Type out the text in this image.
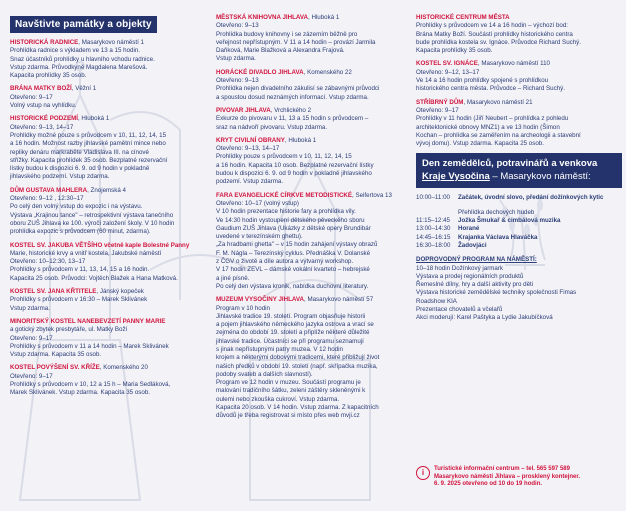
Navštivte památky a objekty
HISTORICKÁ RADNICE, Masarykovo náměstí 1
Prohlídka radnice s výkladem ve 13 a 15 hodin.
Snaz účastníků prohlídky u hlavního vchodu radnice.
Vstup zdarma. Průvodkyně Magdalena Marešová.
Kapacita prohlídky 35 osob.
BRÁNA MATKY BOŽÍ, Věžní 1
Otevřeno: 9–17
Volný vstup na vyhlídku.
HISTORICKÉ PODZEMÍ, Hluboká 1
Otevřeno: 9–13, 14–17
Prohlídky možné pouze s průvodcem v 10, 11, 12, 14, 15
a 16 hodin. Možnost razby jihlavské pamětní mince nebo
repliky denáru markraběte Vladislava III. na cínové
střížky. Kapacita prohlídek 35 osob. Bezplatné rezervační
lístky budou k dispozici 6. 9. od 9 hodin v pokladně
jihlavského podzemí. Vstup zdarma.
DŮM GUSTAVA MAHLERA, Znojemská 4
Otevřeno: 9–12 , 12:30–17
Po celý den volný vstup do expozic i na výstavu.
Výstava „Krajinou tance" – retrospektivní výstava tanečního
oboru ZUŠ Jihlava ke 100. výročí založení školy. V 10 hodin
prohlídka expozic s průvodcem (60 minut, zdarma).
KOSTEL SV. JAKUBA VĚTŠÍHO včetně kaple Bolestné Panny
Marie, historické krvy a vnitř kostela, Jakubské náměstí
Otevřeno: 10–12:30, 13–17
Prohlídky s průvodcem v 11, 13, 14, 15 a 16 hodin.
Kapacita 25 osob. Průvodci: Vojtěch Blažek a Hana Matková.
KOSTEL SV. JANA KŘTITELE, Jánský kopeček
Prohlídky s průvodcem v 16:30 – Marek Sklivánek
Vstup zdarma.
MINORITSKÝ KOSTEL NANEBEVZETÍ PANNY MARIE
a gotický zbytek presbytáře, ul. Matky Boží
Otevřeno: 9–17
Prohlídky s průvodcem v 11 a 14 hodin – Marek Sklivánek
Vstup zdarma. Kapacita 35 osob.
KOSTEL POVÝŠENÍ SV. KŘÍŽE, Komenského 20
Otevřeno: 9–17
Prohlídky s průvodcem v 10, 12 a 15 h – Maria Sedláková,
Marek Sklivánek. Vstup zdarma. Kapacita 35 osob.
MĚSTSKÁ KNIHOVNA JIHLAVA, Hluboká 1
Otevřeno: 9–13
Prohlídka budovy knihovny i se zázemím běžně pro
veřejnost nepřístupným. V 11 a 14 hodin – provází Jarmila
Daňková, Marie Blažková a Alexandra Frajová.
Vstup zdarma.
HORÁCKÉ DIVADLO JIHLAVA, Komenského 22
Otevřeno: 9–13
Prohlídka nejen divadelního zákulisí se zábavnými průvodci
a spoustou dosud neznámých informací. Vstup zdarma.
PIVOVAR JIHLAVA, Vrchlického 2
Exkurze do pivovaru v 11, 13 a 15 hodin s průvodcem –
sraz na nádvoří pivovaru. Vstup zdarma.
KRYT CIVILNÍ OBRANY, Hluboká 1
Otevřeno: 9–13, 14–17
Prohlídky pouze s průvodcem v 10, 11, 12, 14, 15
a 16 hodin. Kapacita 10 osob. Bezplatné rezervační lístky
budou k dispozici 6. 9. od 9 hodin v pokladně jihlavského
podzemí. Vstup zdarma.
FARA EVANGELICKÉ CÍRKVE METODISTICKÉ, Seifertova 13
Otevřeno: 10–17 (volný vstup)
V 10 hodin prezentace historie fary a prohlídka vily.
Ve 14:30 hodin vystoupení dětského pěveckého sboru
Gaudium ZUŠ Jihlava (Ukázky z dětské opery Brundibár
uvedené v terezínském ghettu).
„Za hradbami ghetta" – v 15 hodin zahájení výstavy obrazů
F. M. Nágla – Terezínský cyklus. Přednáška V. Dolanské
z ČGV o životě a díle autora a výtvarný workshop.
V 17 hodin ZEVL – dámské vokální kvarteto – hebrejské
a jiné písně.
Po celý den výstava kronik, nabídka duchovní literatury.
MUZEUM VYSOČINY JIHLAVA, Masarykovo náměstí 57
Program v 10 hodin
Jihlavské tradice 19. století. Program objasňuje historii
a pojem jihlavského německého jazyka ostrova a vrací se
zejména do období 19. století a připlíže některé důležité
jihlavské tradice. Účastníci se při programu seznamují
s jinak nepřístupnými patry muzea. V 12 hodin
krojem a některými dobovými tradicemi, které přibližují život
našich předků v období 19. století (např. skřípačka muzika,
podoby svateb a dalších slavností).
Program ve 12 hodin v muzeu. Součástí programu je
malování tradičního šátku, zeleni záštěry skleněnými k
oulemi nebo zkouška cukroví. Vstup zdarma.
Kapacita 20 osob. V 14 hodin. Vstup zdarma. Z kapacitních
důvodů je třeba registrovat si místo přes web mvji.cz
HISTORICKÉ CENTRUM MĚSTA
Prohlídky s průvodcem ve 14 a 16 hodin – výchozí bod:
Brána Matky Boží. Součástí prohlídky historického centra
bude prohlídka kostela sv. Ignáce. Průvodce Richard Suchý.
Kapacita prohlídky 35 osob.
KOSTEL SV. IGNÁCE, Masarykovo náměstí 110
Otevřeno: 9–12, 13–17
Ve 14 a 16 hodin prohlídky spojené s prohlídkou
historického centra města. Průvodce – Richard Suchý.
STŘÍBRNÝ DŮM, Masarykovo náměstí 21
Otevřeno: 9–17
Prohlídky v 11 hodin (Jiří Neubert – prohlídka z pohledu
architektonické obnovy MNZ1) a ve 13 hodin (Šimon
Kochan – prohlídka se zaměřením na archeologii a stavební
vývoj domu). Vstup zdarma. Kapacita 25 osob.
Den zemědělců, potravinářů a venkova
Kraje Vysočina – Masarykovo náměstí:
10:00–11:00	Začátek, úvodní slovo, předání dožínkových kytic
Přehlídka dechových hudeb
11:15–12:45	Jožka Šmukař & cimbálová muzika
13:00–14:30	Horané
14:45–16:15	Krajanka Václava Hlaváčka
16:30–18:00	Žadovjáci
DOPROVODNÝ PROGRAM NA NÁMĚSTÍ:
10–18 hodin Dožínkový jarmark
Výstava a prodej regionálních produktů
Řemeslné dílny, hry a další aktivity pro děti
Výstava historické zemědělské techniky společnosti Fimas
Roadshow KIA
Prezentace chovatelů a včelařů
Akci moderují: Karel Paštyka a Lydie Jakubíčková
i	Turistické informační centrum – tel. 565 597 589
Masarykovo náměstí Jihlava – prosklený kontejner.
6. 9. 2025 otevřeno od 10 do 19 hodin.
